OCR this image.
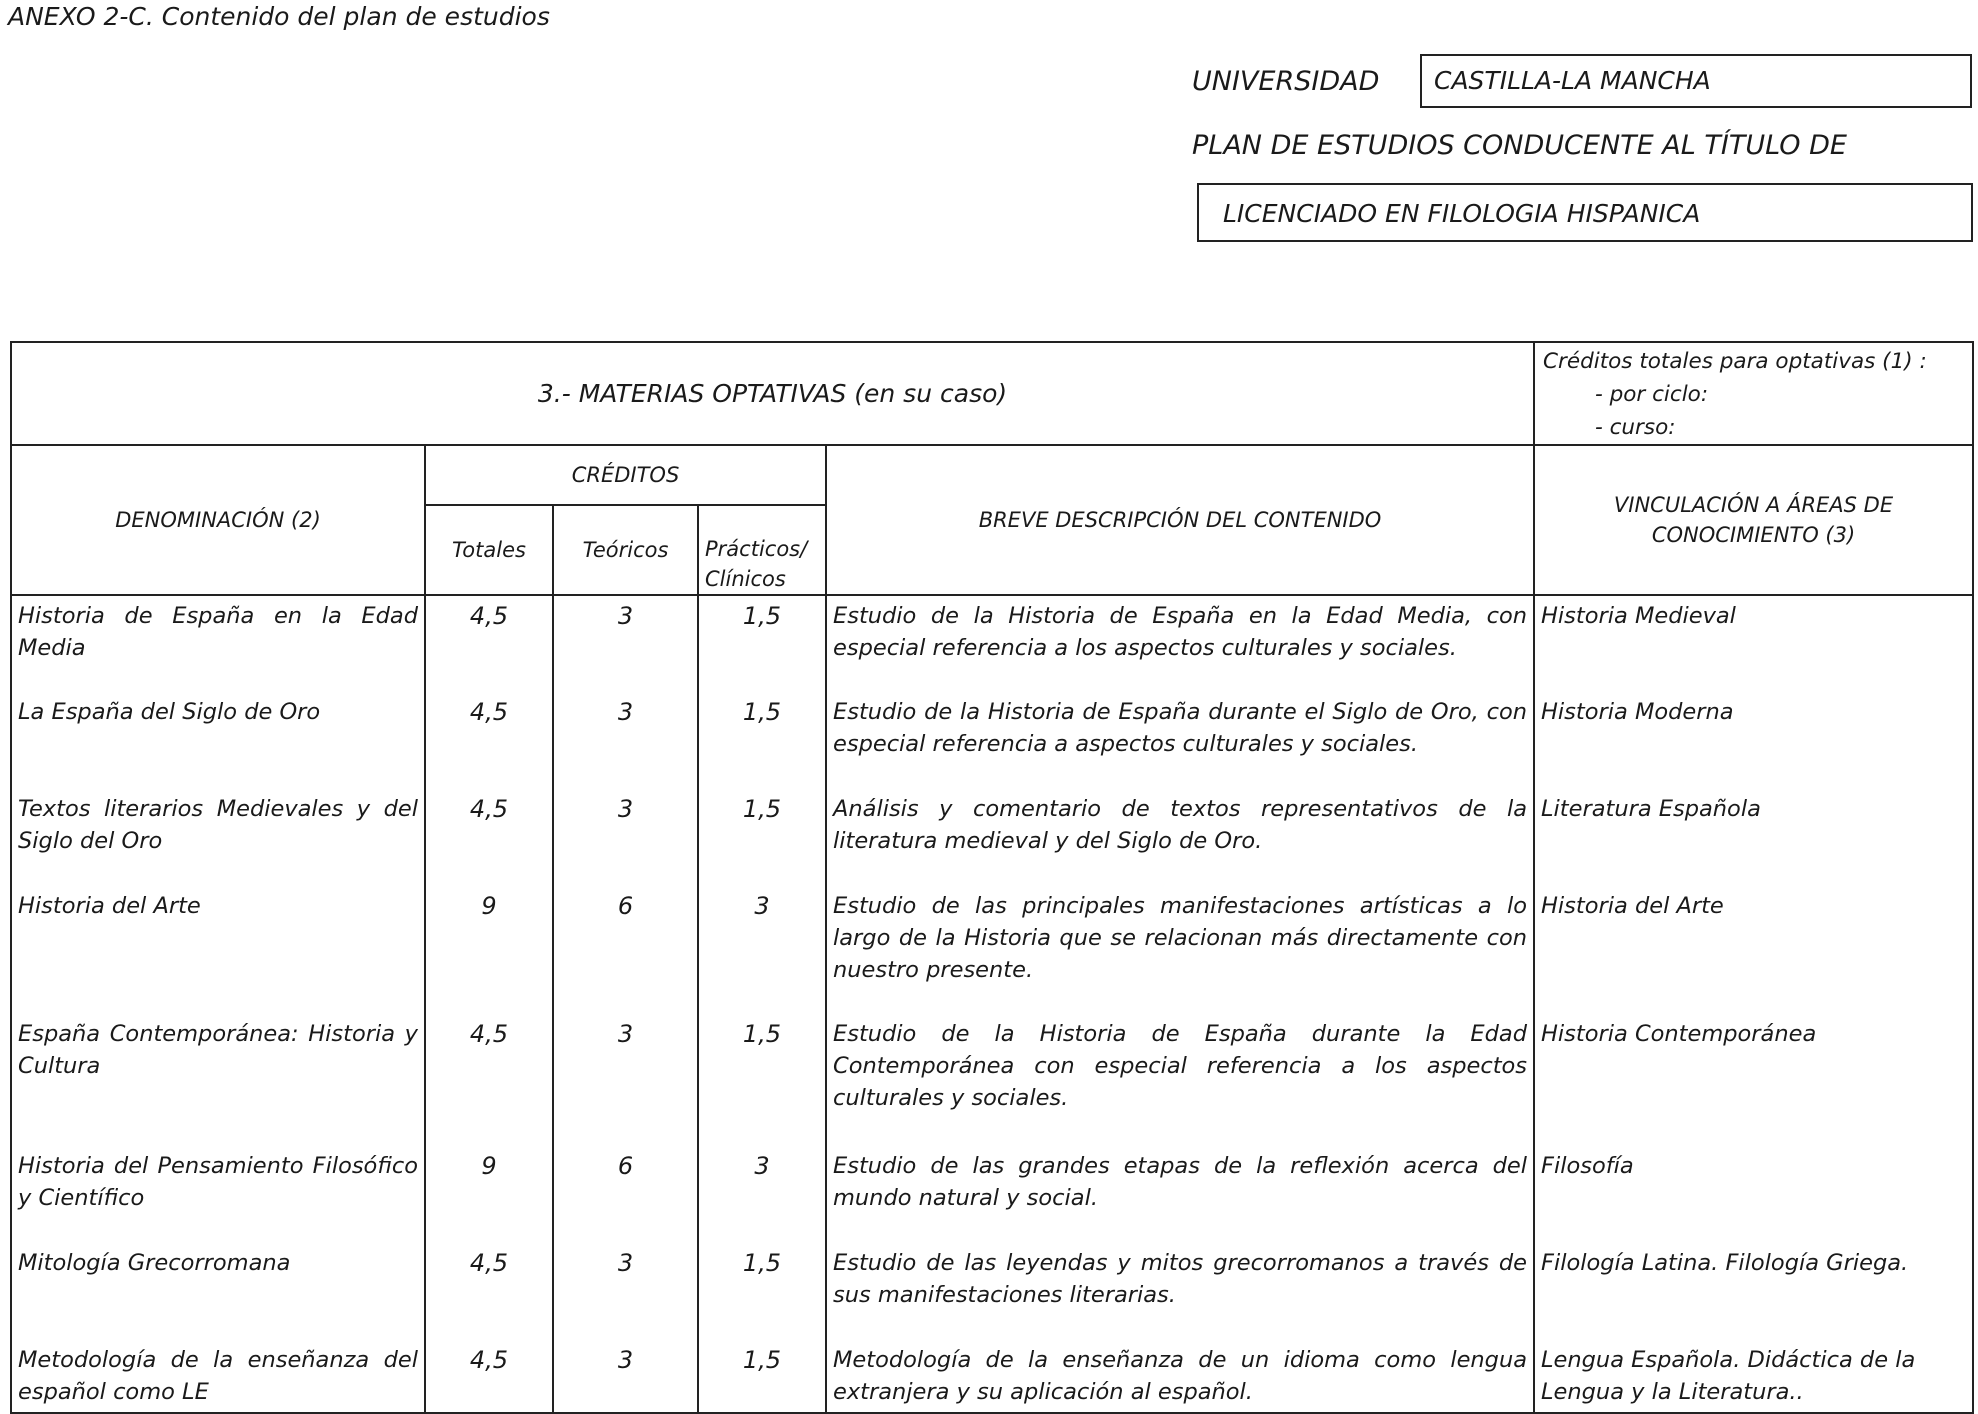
ANEXO 2-C. Contenido del plan de estudios
UNIVERSIDAD CASTILLA-LA MANCHA
PLAN DE ESTUDIOS CONDUCENTE AL TÍTULO DE
LICENCIADO EN FILOLOGIA HISPANICA
3.- MATERIAS OPTATIVAS (en su caso)					Créditos totales para optativas (1) :
- por ciclo:
- curso:

DENOMINACIÓN (2)	CRÉDITOS			BREVE DESCRIPCIÓN DEL CONTENIDO	VINCULACIÓN A ÁREAS DE CONOCIMIENTO (3)
	Totales	Teóricos	Prácticos/ Clínicos		
Historia de España en la Edad Media	4,5	3	1,5	Estudio de la Historia de España en la Edad Media, con especial referencia a los aspectos culturales y sociales.	Historia Medieval
La España del Siglo de Oro	4,5	3	1,5	Estudio de la Historia de España durante el Siglo de Oro, con especial referencia a aspectos culturales y sociales.	Historia Moderna
Textos literarios Medievales y del Siglo del Oro	4,5	3	1,5	Análisis y comentario de textos representativos de la literatura medieval y del Siglo de Oro.	Literatura Española
Historia del Arte	9	6	3	Estudio de las principales manifestaciones artísticas a lo largo de la Historia que se relacionan más directamente con nuestro presente.	Historia del Arte
España Contemporánea: Historia y Cultura	4,5	3	1,5	Estudio de la Historia de España durante la Edad Contemporánea con especial referencia a los aspectos culturales y sociales.	Historia Contemporánea
Historia del Pensamiento Filosófico y Científico	9	6	3	Estudio de las grandes etapas de la reflexión acerca del mundo natural y social.	Filosofía
Mitología Grecorromana	4,5	3	1,5	Estudio de las leyendas y mitos grecorromanos a través de sus manifestaciones literarias.	Filología Latina. Filología Griega.
Metodología de la enseñanza del español como LE	4,5	3	1,5	Metodología de la enseñanza de un idioma como lengua extranjera y su aplicación al español.	Lengua Española. Didáctica de la Lengua y la Literatura..
